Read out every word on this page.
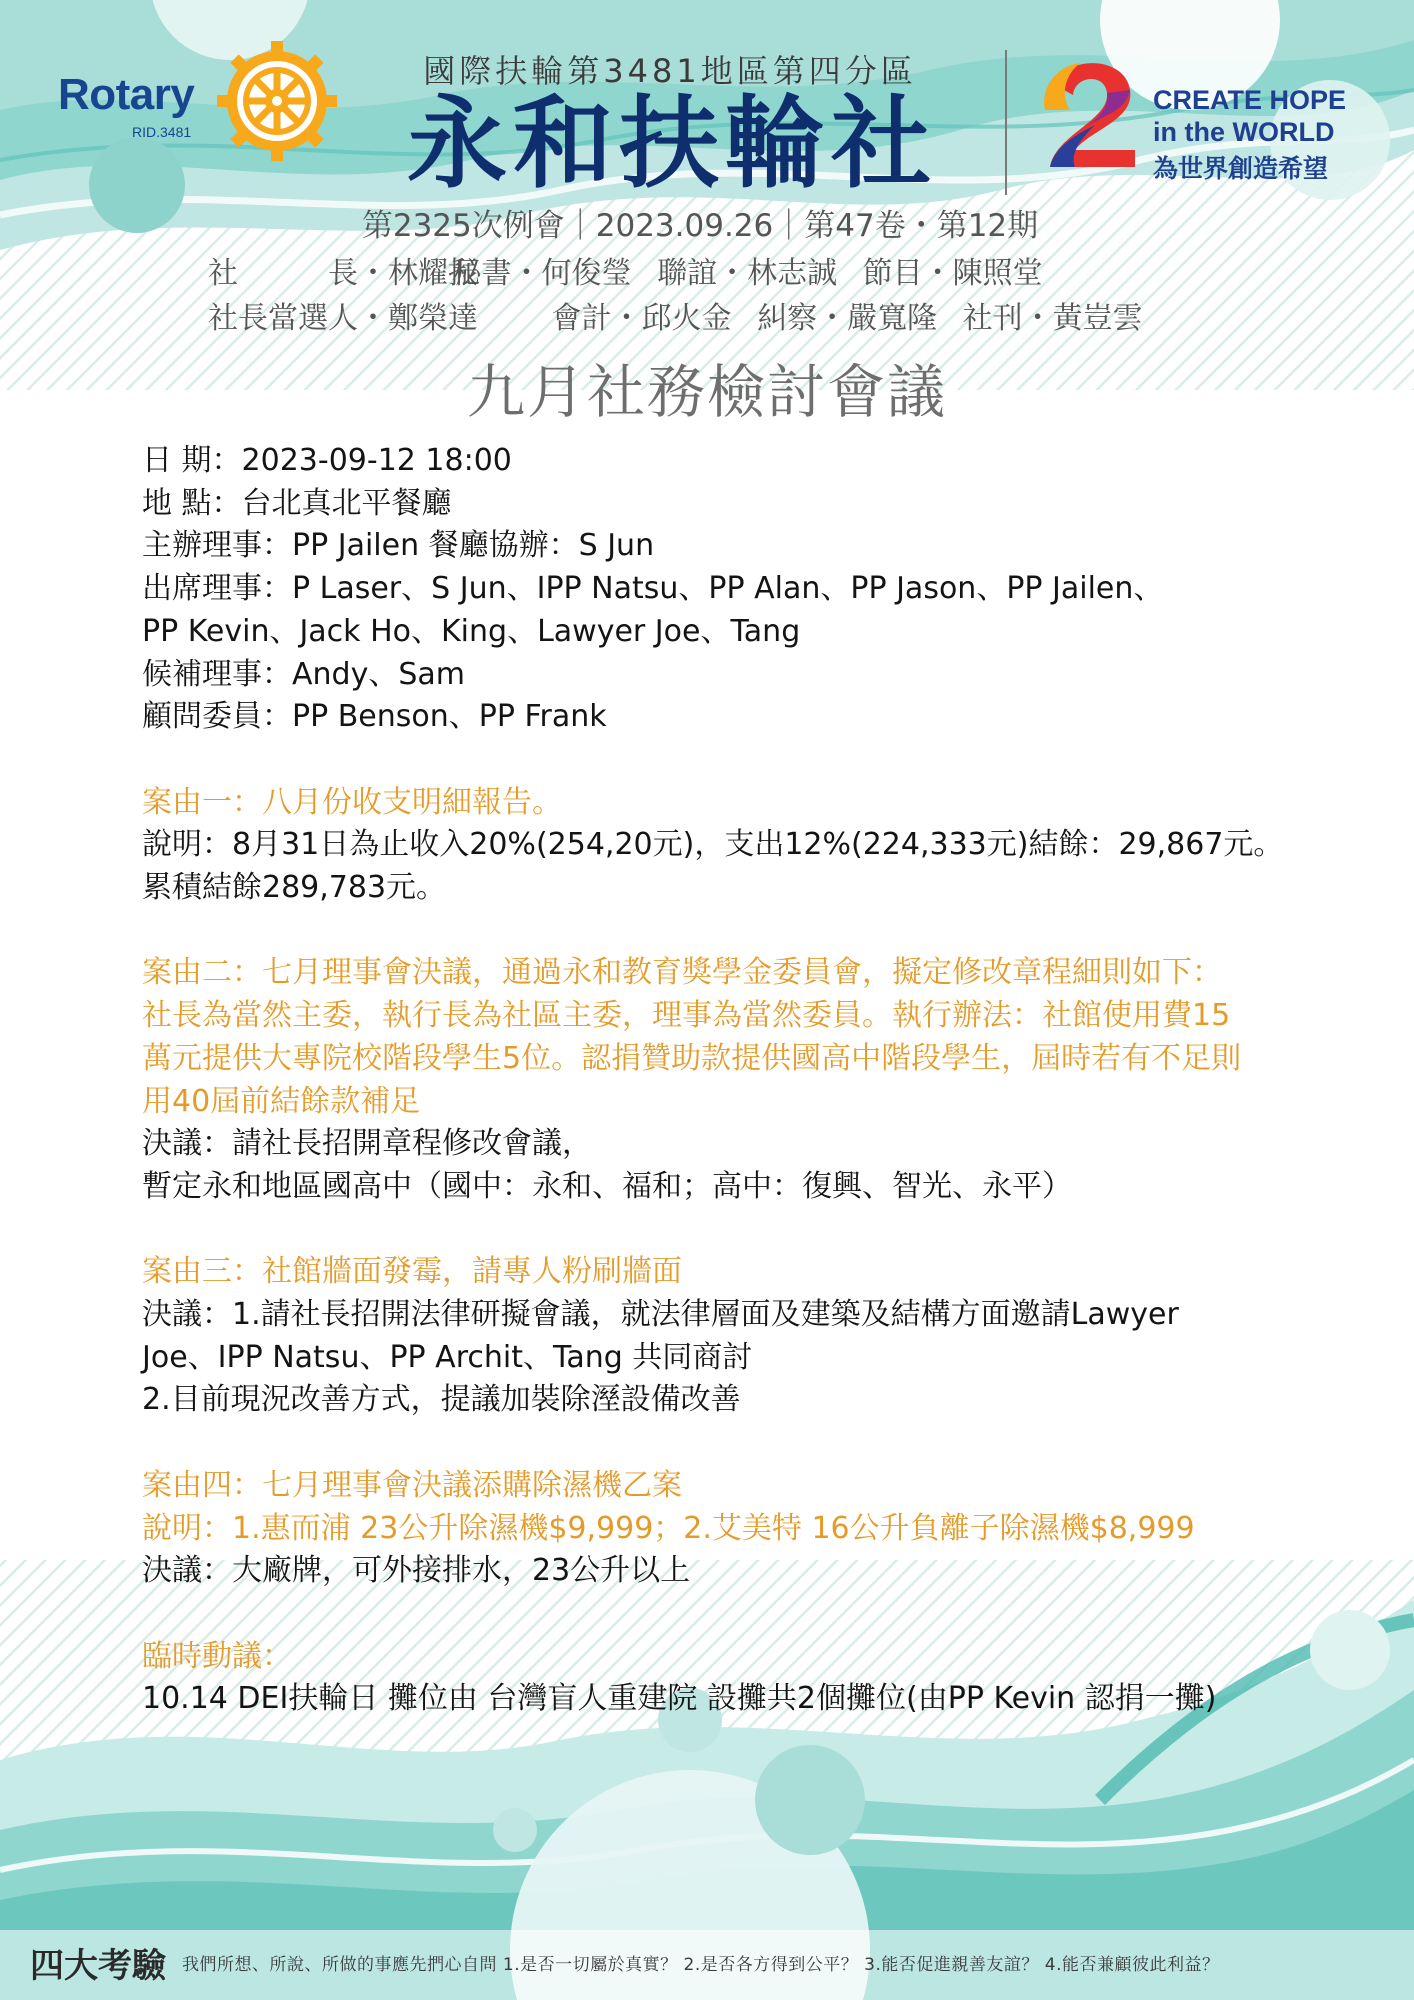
Rotary
RID.3481
國際扶輪第3481地區第四分區
永和扶輪社	CREATE HOPE
in the WORLD
為世界創造希望
第2325次例會｜2023.09.26｜第47卷・第12期
社　　　長・林耀振 秘書・何俊瑩 聯誼・林志誠 節目・陳照堂
社長當選人・鄭榮達 會計・邱火金 糾察・嚴寬隆 社刊・黃豈雲
九月社務檢討會議
日 期：2023-09-12 18:00
地 點：台北真北平餐廳
主辦理事：PP Jailen 餐廳協辦：S Jun
出席理事：P Laser、S Jun、IPP Natsu、PP Alan、PP Jason、PP Jailen、
PP Kevin、Jack Ho、King、Lawyer Joe、Tang
候補理事：Andy、Sam
顧問委員：PP Benson、PP Frank
案由一：八月份收支明細報告。
說明：8月31日為止收入20%(254,20元)，支出12%(224,333元)結餘：29,867元。
累積結餘289,783元。
案由二：七月理事會決議，通過永和教育獎學金委員會，擬定修改章程細則如下：
社長為當然主委，執行長為社區主委，理事為當然委員。執行辦法：社館使用費15
萬元提供大專院校階段學生5位。認捐贊助款提供國高中階段學生，屆時若有不足則
用40屆前結餘款補足
決議：請社長招開章程修改會議，
暫定永和地區國高中（國中：永和、福和；高中：復興、智光、永平）
案由三：社館牆面發霉，請專人粉刷牆面
決議：1.請社長招開法律研擬會議，就法律層面及建築及結構方面邀請Lawyer
Joe、IPP Natsu、PP Archit、Tang 共同商討
2.目前現況改善方式，提議加裝除溼設備改善
案由四：七月理事會決議添購除濕機乙案
說明：1.惠而浦 23公升除濕機$9,999；2.艾美特 16公升負離子除濕機$8,999
決議：大廠牌，可外接排水，23公升以上
臨時動議：
10.14 DEI扶輪日 攤位由 台灣盲人重建院 設攤共2個攤位(由PP Kevin 認捐一攤)
四大考驗 我們所想、所說、所做的事應先捫心自問 1.是否一切屬於真實？ 2.是否各方得到公平？ 3.能否促進親善友誼？ 4.能否兼顧彼此利益？
